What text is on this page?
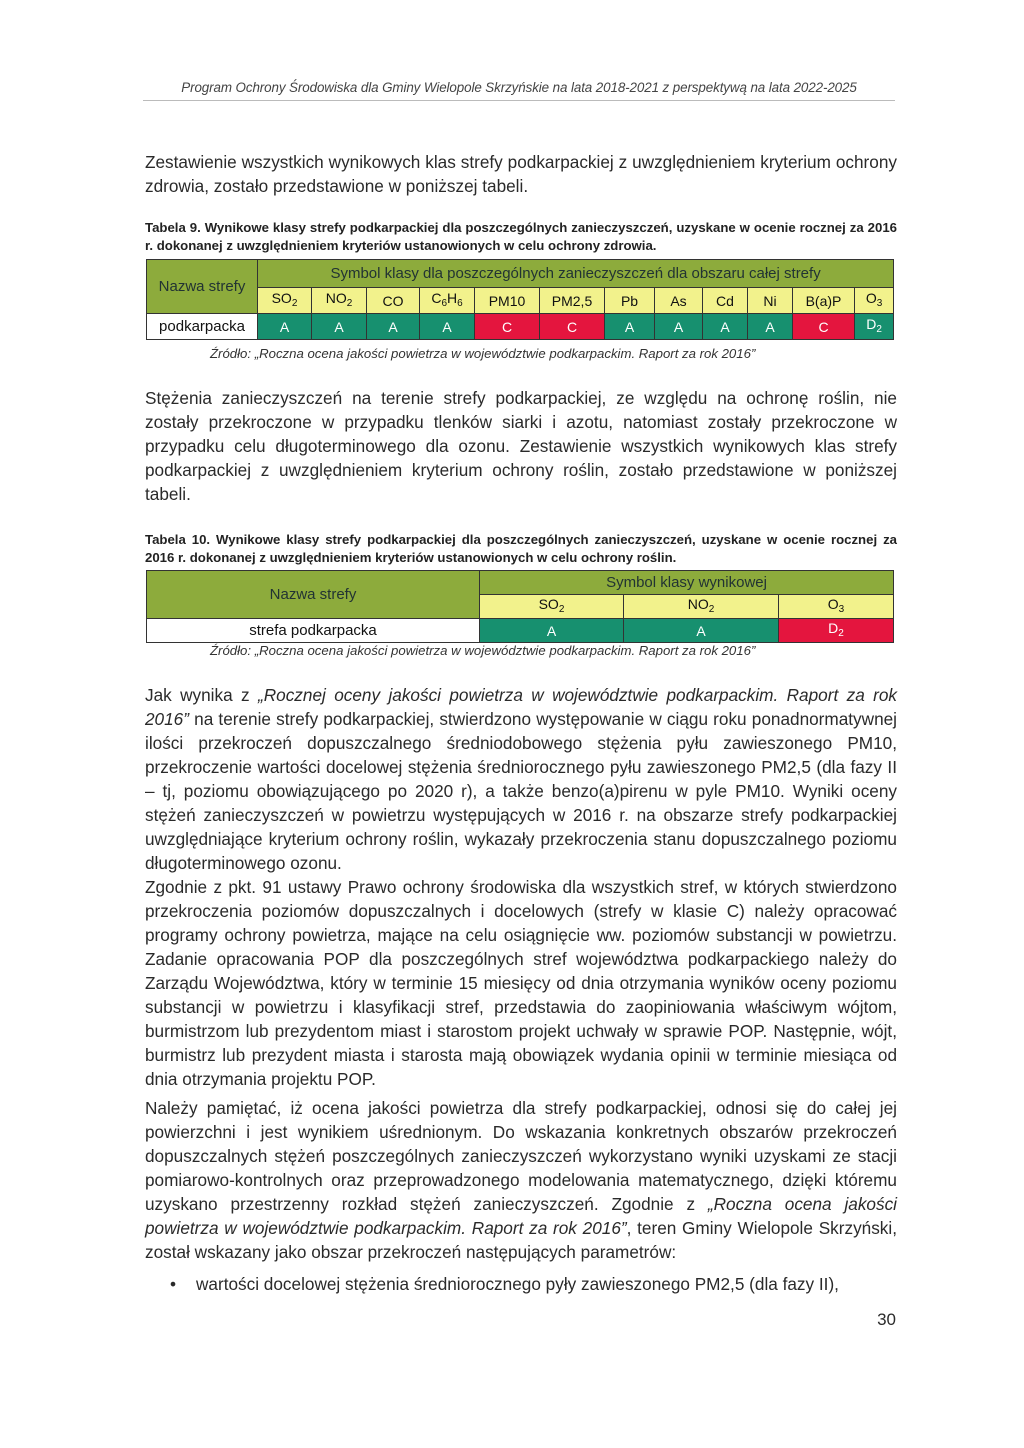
Program Ochrony Środowiska dla Gminy Wielopole Skrzyńskie na lata 2018-2021 z perspektywą na lata 2022-2025

Zestawienie wszystkich wynikowych klas strefy podkarpackiej z uwzględnieniem kryterium ochrony zdrowia, zostało przedstawione w poniższej tabeli.

Tabela 9. Wynikowe klasy strefy podkarpackiej dla poszczególnych zanieczyszczeń, uzyskane w ocenie rocznej za 2016 r. dokonanej z uwzględnieniem kryteriów ustanowionych w celu ochrony zdrowia.

Nazwa strefy	Symbol klasy dla poszczególnych zanieczyszczeń dla obszaru całej strefy											
	$SO_2$	$NO_2$	CO	$C_6H_6$	PM10	PM2,5	Pb	As	Cd	Ni	B(a)P	$O_3$
podkarpacka	A	A	A	A	C	C	A	A	A	A	C	$D_2$
Źródło: „Roczna ocena jakości powietrza w województwie podkarpackim. Raport za rok 2016”

Stężenia zanieczyszczeń na terenie strefy podkarpackiej, ze względu na ochronę roślin, nie zostały przekroczone w przypadku tlenków siarki i azotu, natomiast zostały przekroczone w przypadku celu długoterminowego dla ozonu. Zestawienie wszystkich wynikowych klas strefy podkarpackiej z uwzględnieniem kryterium ochrony roślin, zostało przedstawione w poniższej tabeli.

Tabela 10. Wynikowe klasy strefy podkarpackiej dla poszczególnych zanieczyszczeń, uzyskane w ocenie rocznej za 2016 r. dokonanej z uwzględnieniem kryteriów ustanowionych w celu ochrony roślin.

Nazwa strefy	Symbol klasy wynikowej		
	$SO_2$	$NO_2$	$O_3$
strefa podkarpacka	A	A	$D_2$
Źródło: „Roczna ocena jakości powietrza w województwie podkarpackim. Raport za rok 2016”

Jak wynika z „Rocznej oceny jakości powietrza w województwie podkarpackim. Raport za rok 2016” na terenie strefy podkarpackiej, stwierdzono występowanie w ciągu roku ponadnormatywnej ilości przekroczeń dopuszczalnego średniodobowego stężenia pyłu zawieszonego PM10, przekroczenie wartości docelowej stężenia średniorocznego pyłu zawieszonego PM2,5 (dla fazy II – tj, poziomu obowiązującego po 2020 r), a także benzo(a)pirenu w pyle PM10. Wyniki oceny stężeń zanieczyszczeń w powietrzu występujących w 2016 r. na obszarze strefy podkarpackiej uwzględniające kryterium ochrony roślin, wykazały przekroczenia stanu dopuszczalnego poziomu długoterminowego ozonu.

Zgodnie z pkt. 91 ustawy Prawo ochrony środowiska dla wszystkich stref, w których stwierdzono przekroczenia poziomów dopuszczalnych i docelowych (strefy w klasie C) należy opracować programy ochrony powietrza, mające na celu osiągnięcie ww. poziomów substancji w powietrzu. Zadanie opracowania POP dla poszczególnych stref województwa podkarpackiego należy do Zarządu Województwa, który w terminie 15 miesięcy od dnia otrzymania wyników oceny poziomu substancji w powietrzu i klasyfikacji stref, przedstawia do zaopiniowania właściwym wójtom, burmistrzom lub prezydentom miast i starostom projekt uchwały w sprawie POP. Następnie, wójt, burmistrz lub prezydent miasta i starosta mają obowiązek wydania opinii w terminie miesiąca od dnia otrzymania projektu POP.

Należy pamiętać, iż ocena jakości powietrza dla strefy podkarpackiej, odnosi się do całej jej powierzchni i jest wynikiem uśrednionym. Do wskazania konkretnych obszarów przekroczeń dopuszczalnych stężeń poszczególnych zanieczyszczeń wykorzystano wyniki uzyskami ze stacji pomiarowo-kontrolnych oraz przeprowadzonego modelowania matematycznego, dzięki któremu uzyskano przestrzenny rozkład stężeń zanieczyszczeń. Zgodnie z „Roczna ocena jakości powietrza w województwie podkarpackim. Raport za rok 2016”, teren Gminy Wielopole Skrzyński, został wskazany jako obszar przekroczeń następujących parametrów:

• wartości docelowej stężenia średniorocznego pyły zawieszonego PM2,5 (dla fazy II),
30
